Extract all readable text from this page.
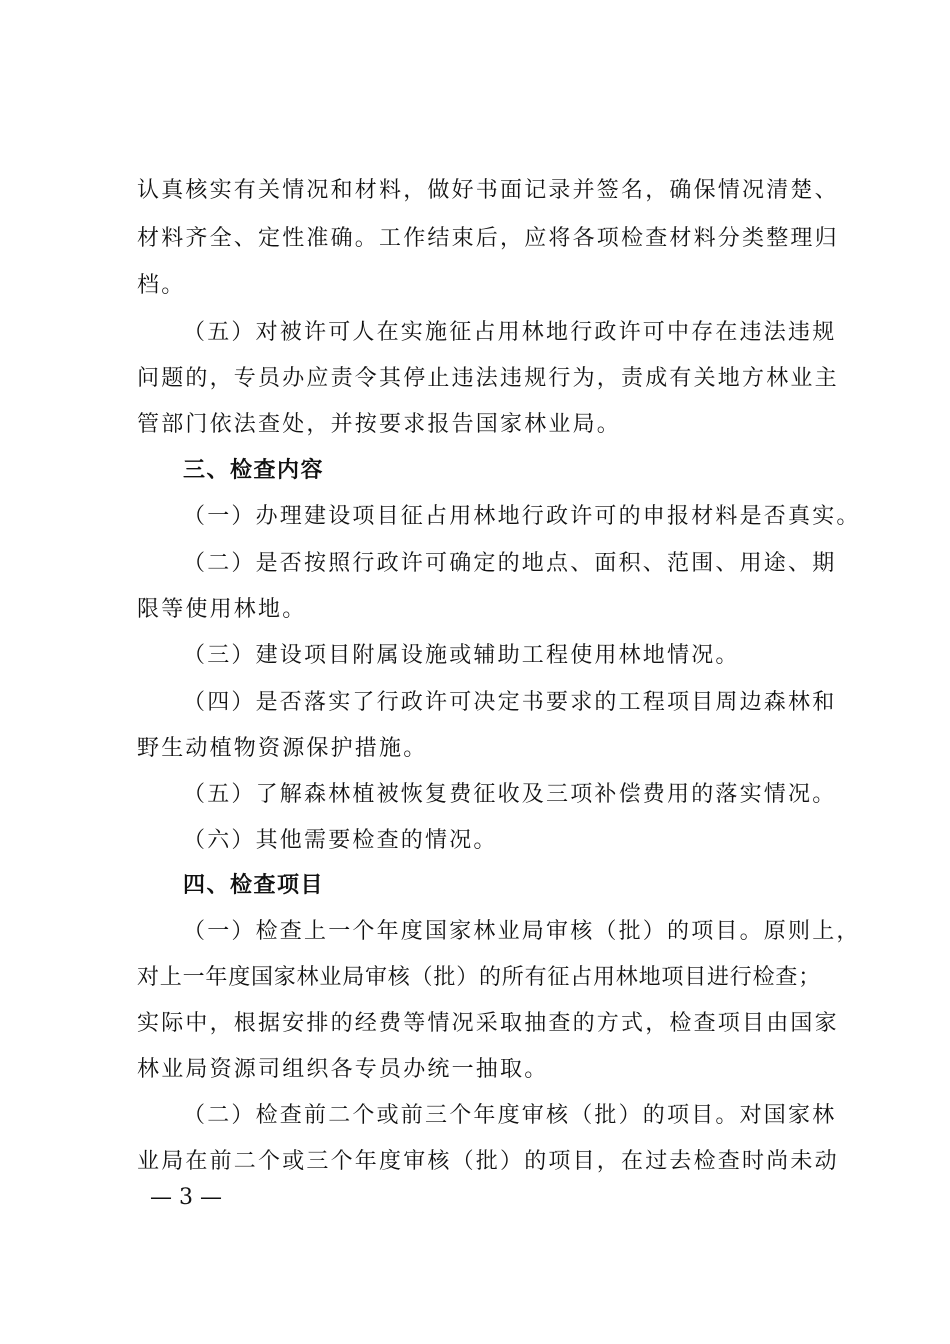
认真核实有关情况和材料，做好书面记录并签名，确保情况清楚、
材料齐全、定性准确。工作结束后，应将各项检查材料分类整理归
档。
（五）对被许可人在实施征占用林地行政许可中存在违法违规
问题的，专员办应责令其停止违法违规行为，责成有关地方林业主
管部门依法查处，并按要求报告国家林业局。
三、检查内容
（一）办理建设项目征占用林地行政许可的申报材料是否真实。
（二）是否按照行政许可确定的地点、面积、范围、用途、期
限等使用林地。
（三）建设项目附属设施或辅助工程使用林地情况。
（四）是否落实了行政许可决定书要求的工程项目周边森林和
野生动植物资源保护措施。
（五）了解森林植被恢复费征收及三项补偿费用的落实情况。
（六）其他需要检查的情况。
四、检查项目
（一）检查上一个年度国家林业局审核（批）的项目。原则上，
对上一年度国家林业局审核（批）的所有征占用林地项目进行检查；
实际中，根据安排的经费等情况采取抽查的方式，检查项目由国家
林业局资源司组织各专员办统一抽取。
（二）检查前二个或前三个年度审核（批）的项目。对国家林
业局在前二个或三个年度审核（批）的项目，在过去检查时尚未动
— 3 —
